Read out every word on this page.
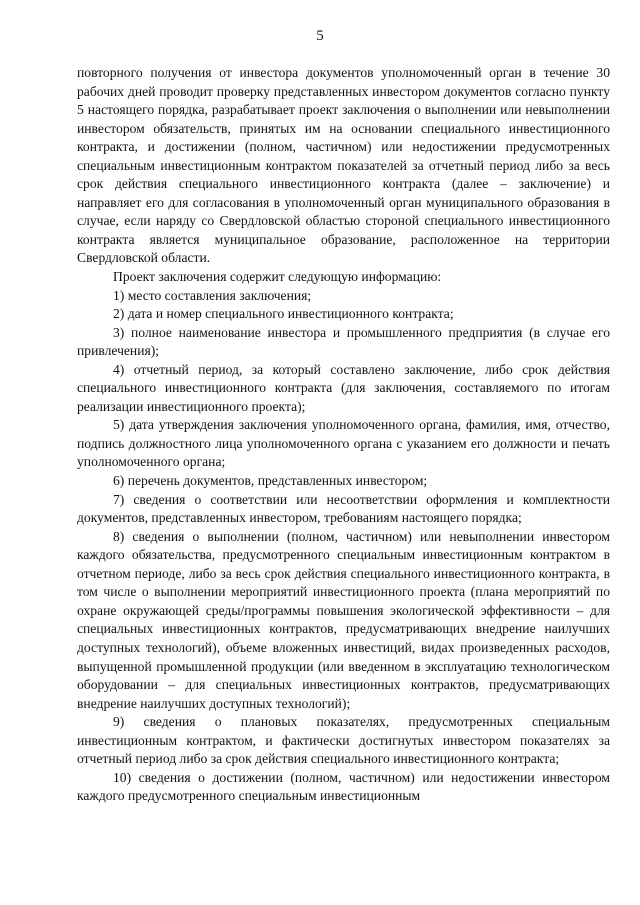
5

повторного получения от инвестора документов уполномоченный орган в течение 30 рабочих дней проводит проверку представленных инвестором документов согласно пункту 5 настоящего порядка, разрабатывает проект заключения о выполнении или невыполнении инвестором обязательств, принятых им на основании специального инвестиционного контракта, и достижении (полном, частичном) или недостижении предусмотренных специальным инвестиционным контрактом показателей за отчетный период либо за весь срок действия специального инвестиционного контракта (далее – заключение) и направляет его для согласования в уполномоченный орган муниципального образования в случае, если наряду со Свердловской областью стороной специального инвестиционного контракта является муниципальное образование, расположенное на территории Свердловской области.

Проект заключения содержит следующую информацию:

1) место составления заключения;

2) дата и номер специального инвестиционного контракта;

3) полное наименование инвестора и промышленного предприятия (в случае его привлечения);

4) отчетный период, за который составлено заключение, либо срок действия специального инвестиционного контракта (для заключения, составляемого по итогам реализации инвестиционного проекта);

5) дата утверждения заключения уполномоченного органа, фамилия, имя, отчество, подпись должностного лица уполномоченного органа с указанием его должности и печать уполномоченного органа;

6) перечень документов, представленных инвестором;

7) сведения о соответствии или несоответствии оформления и комплектности документов, представленных инвестором, требованиям настоящего порядка;

8) сведения о выполнении (полном, частичном) или невыполнении инвестором каждого обязательства, предусмотренного специальным инвестиционным контрактом в отчетном периоде, либо за весь срок действия специального инвестиционного контракта, в том числе о выполнении мероприятий инвестиционного проекта (плана мероприятий по охране окружающей среды/программы повышения экологической эффективности – для специальных инвестиционных контрактов, предусматривающих внедрение наилучших доступных технологий), объеме вложенных инвестиций, видах произведенных расходов, выпущенной промышленной продукции (или введенном в эксплуатацию технологическом оборудовании – для специальных инвестиционных контрактов, предусматривающих внедрение наилучших доступных технологий);

9) сведения о плановых показателях, предусмотренных специальным инвестиционным контрактом, и фактически достигнутых инвестором показателях за отчетный период либо за срок действия специального инвестиционного контракта;

10) сведения о достижении (полном, частичном) или недостижении инвестором каждого предусмотренного специальным инвестиционным
